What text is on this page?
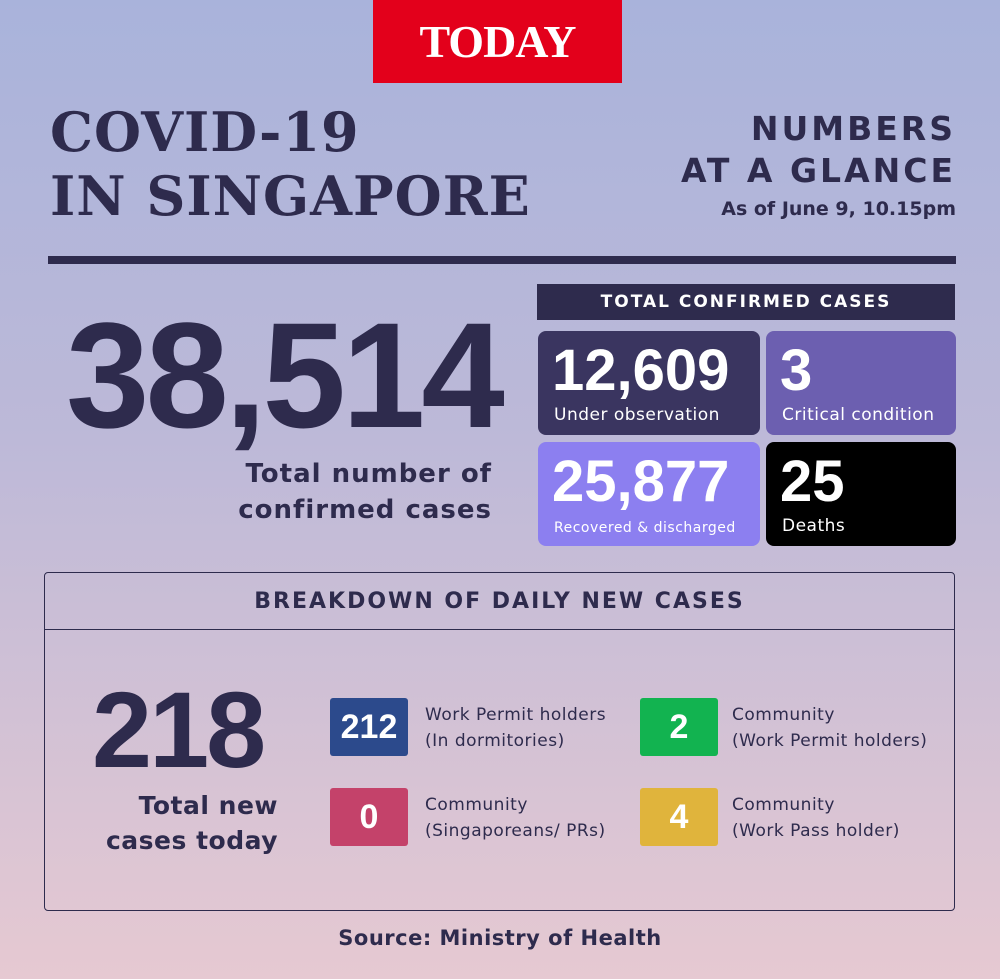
TODAY
COVID-19
IN SINGAPORE
NUMBERS
AT A GLANCE
As of June 9, 10.15pm
38,514
Total number of
confirmed cases
TOTAL CONFIRMED CASES
12,609
Under observation
3
Critical condition
25,877
Recovered & discharged
25
Deaths
BREAKDOWN OF DAILY NEW CASES
218
Total new
cases today
212	Work Permit holders
(In dormitories)	2	Community
(Work Permit holders)
0	Community
(Singaporeans/ PRs)	4	Community
(Work Pass holder)
Source: Ministry of Health
